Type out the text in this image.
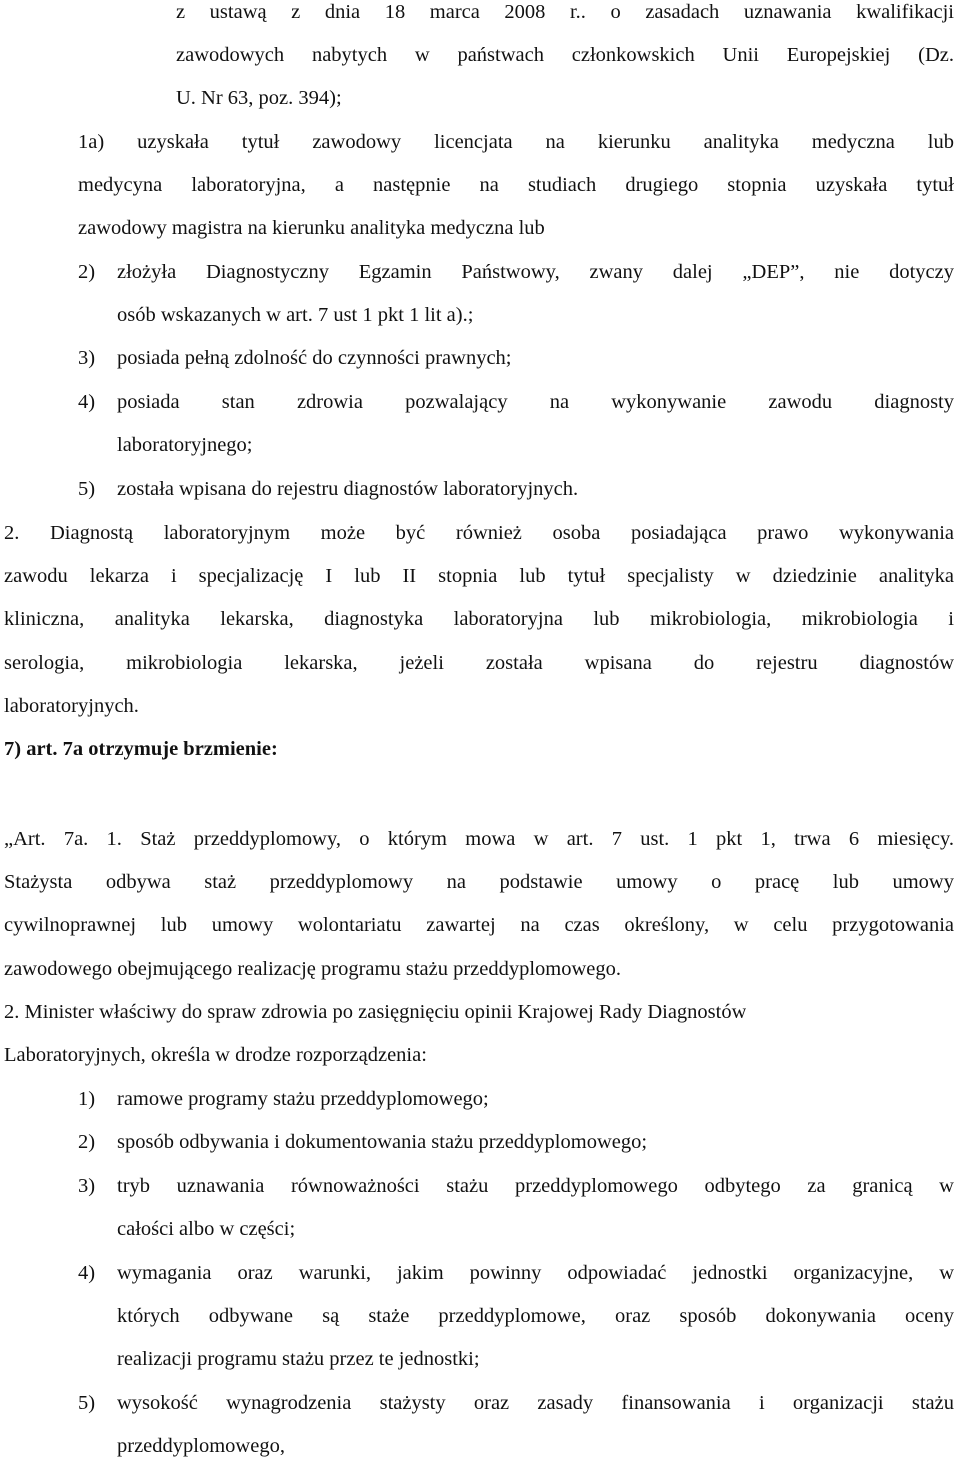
z ustawą z dnia 18 marca 2008 r.. o zasadach uznawania kwalifikacji
zawodowych nabytych w państwach członkowskich Unii Europejskiej (Dz.
U. Nr 63, poz. 394);
1a) uzyskała tytuł zawodowy licencjata na kierunku analityka medyczna lub
medycyna laboratoryjna, a następnie na studiach drugiego stopnia uzyskała tytuł
zawodowy magistra na kierunku analityka medyczna lub
2) złożyła Diagnostyczny Egzamin Państwowy, zwany dalej „DEP”, nie dotyczy
osób wskazanych w art. 7 ust 1 pkt 1 lit a).;
3) posiada pełną zdolność do czynności prawnych;
4) posiada stan zdrowia pozwalający na wykonywanie zawodu diagnosty
laboratoryjnego;
5) została wpisana do rejestru diagnostów laboratoryjnych.
2. Diagnostą laboratoryjnym może być również osoba posiadająca prawo wykonywania
zawodu lekarza i specjalizację I lub II stopnia lub tytuł specjalisty w dziedzinie analityka
kliniczna, analityka lekarska, diagnostyka laboratoryjna lub mikrobiologia, mikrobiologia i
serologia, mikrobiologia lekarska, jeżeli została wpisana do rejestru diagnostów
laboratoryjnych.
7) art. 7a otrzymuje brzmienie:
„Art. 7a. 1. Staż przeddyplomowy, o którym mowa w art. 7 ust. 1 pkt 1, trwa 6 miesięcy.
Stażysta odbywa staż przeddyplomowy na podstawie umowy o pracę lub umowy
cywilnoprawnej lub umowy wolontariatu zawartej na czas określony, w celu przygotowania
zawodowego obejmującego realizację programu stażu przeddyplomowego.
2. Minister właściwy do spraw zdrowia po zasięgnięciu opinii Krajowej Rady Diagnostów
Laboratoryjnych, określa w drodze rozporządzenia:
1) ramowe programy stażu przeddyplomowego;
2) sposób odbywania i dokumentowania stażu przeddyplomowego;
3) tryb uznawania równoważności stażu przeddyplomowego odbytego za granicą w
całości albo w części;
4) wymagania oraz warunki, jakim powinny odpowiadać jednostki organizacyjne, w
których odbywane są staże przeddyplomowe, oraz sposób dokonywania oceny
realizacji programu stażu przez te jednostki;
5) wysokość wynagrodzenia stażysty oraz zasady finansowania i organizacji stażu
przeddyplomowego,
